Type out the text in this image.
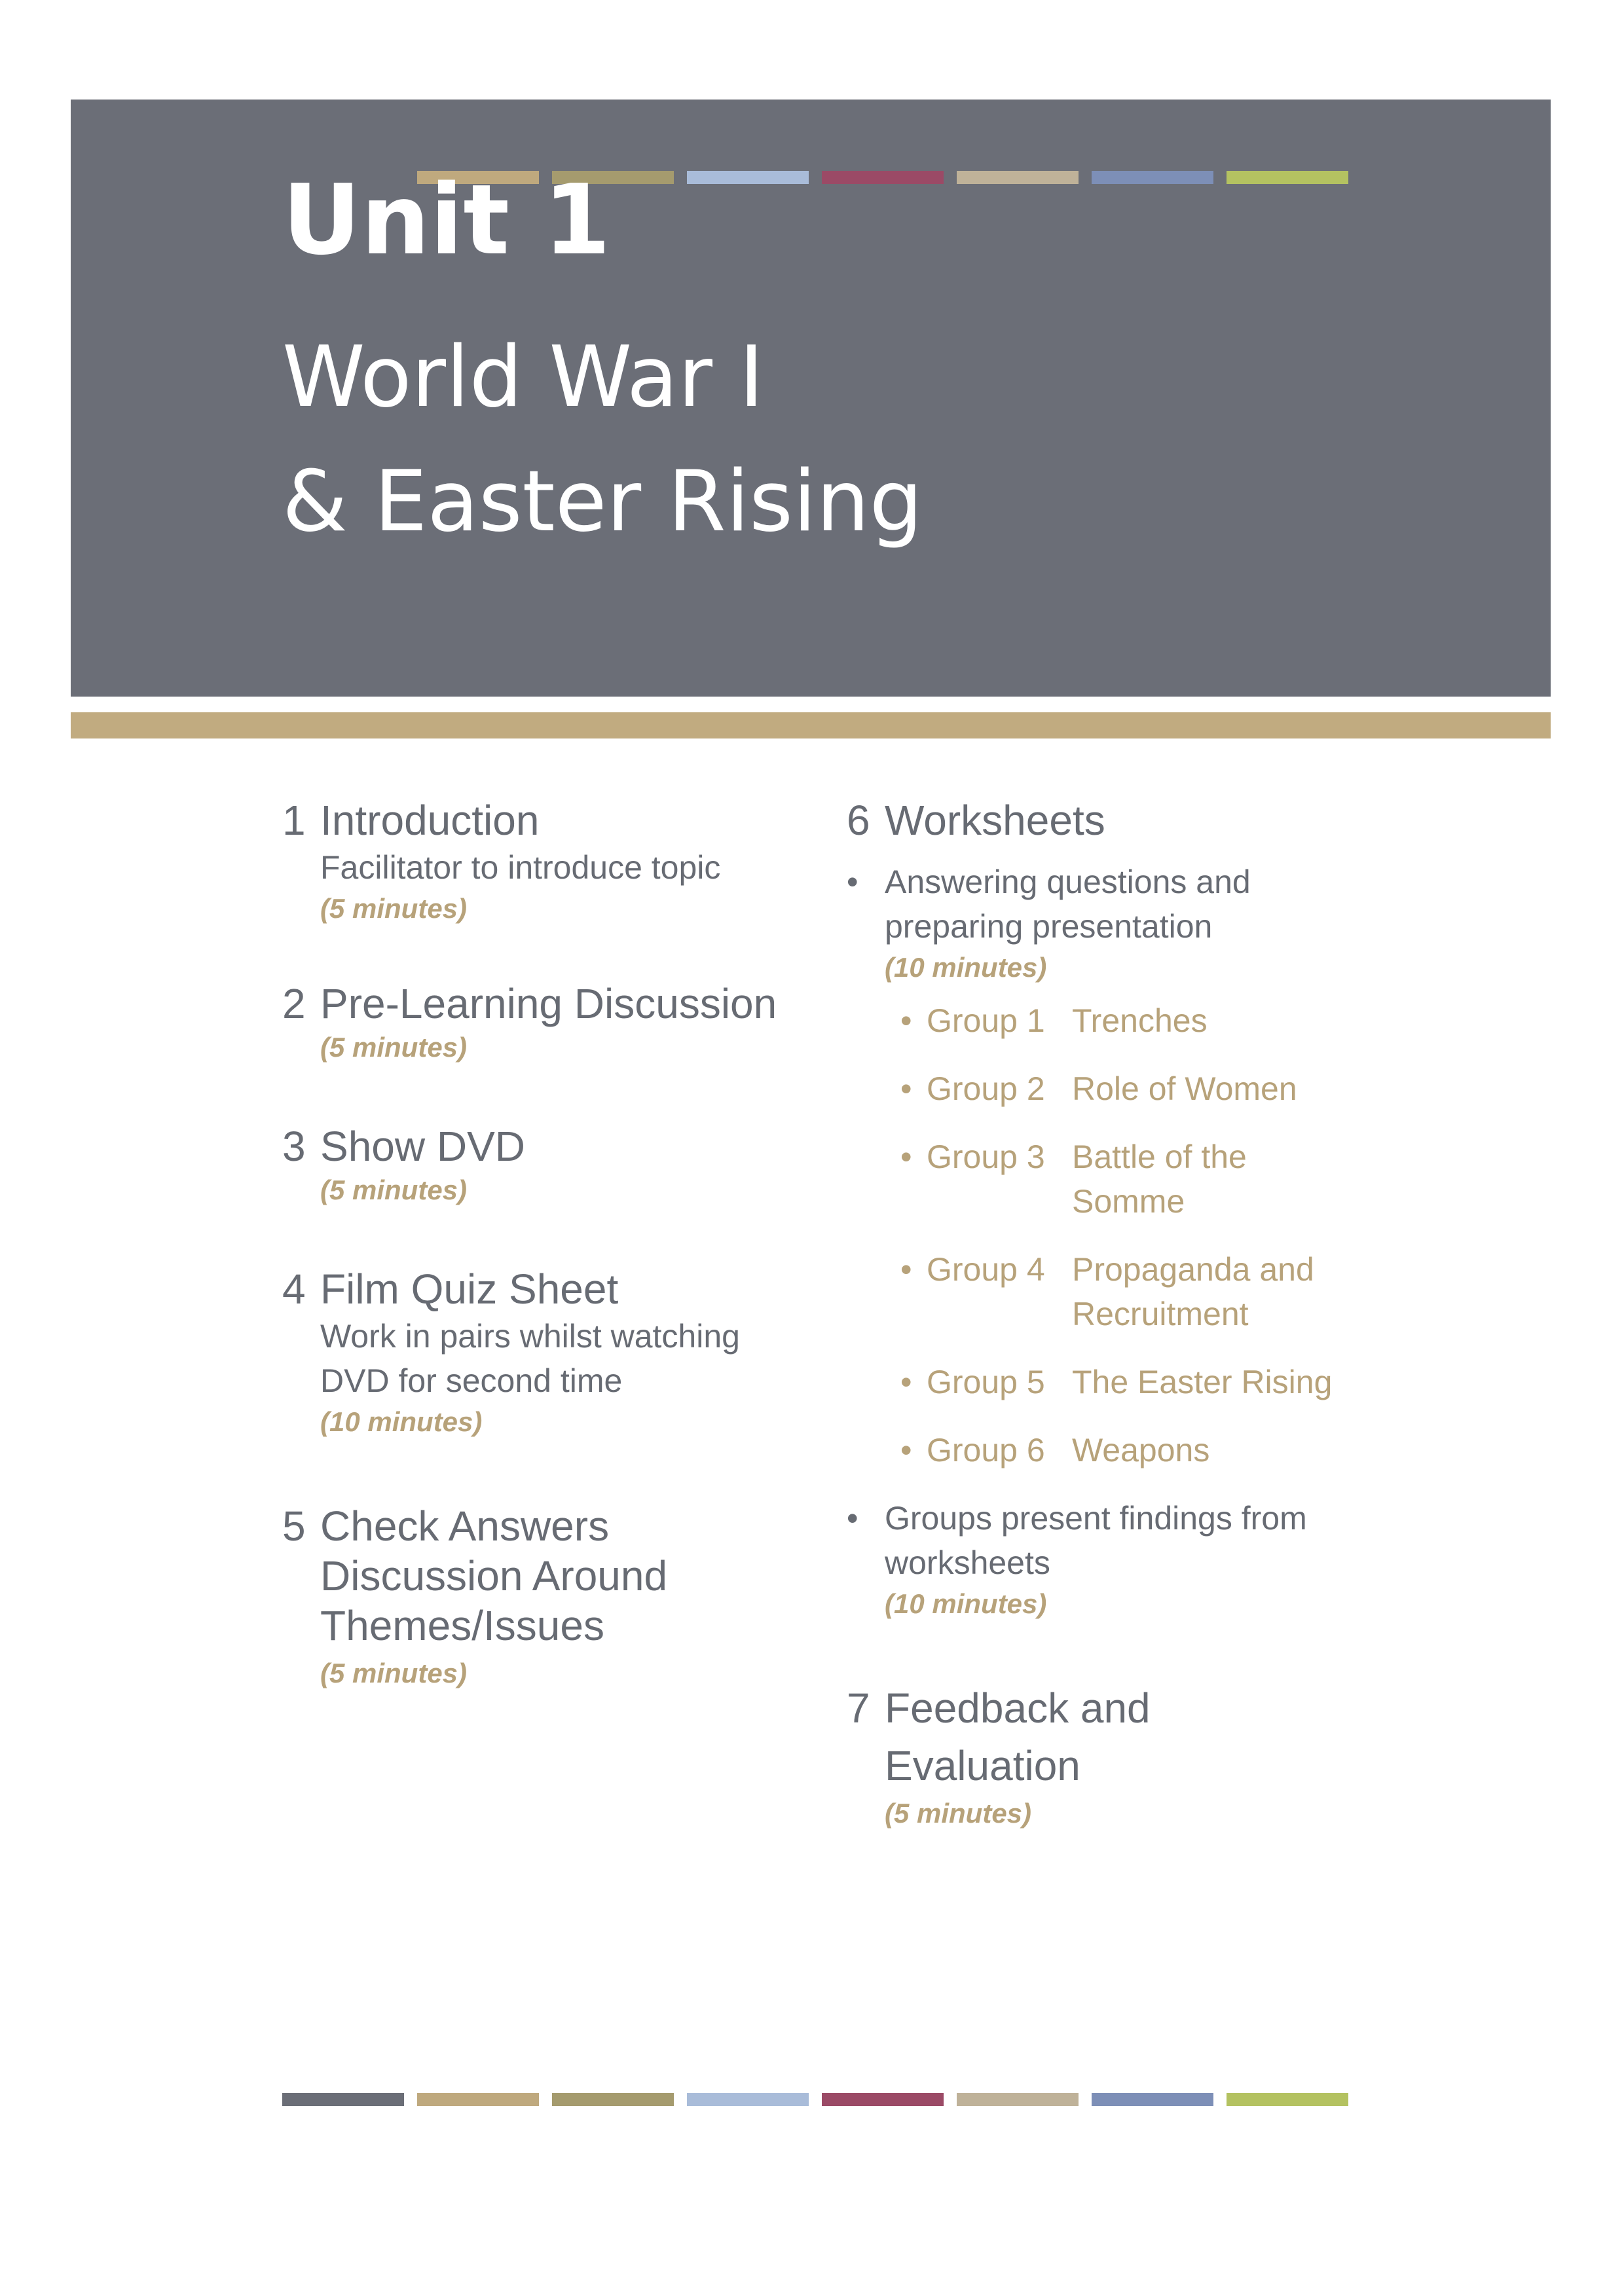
Unit 1
World War I
& Easter Rising
1 Introduction
Facilitator to introduce topic
(5 minutes)
2 Pre-Learning Discussion
(5 minutes)
3 Show DVD
(5 minutes)
4 Film Quiz Sheet
Work in pairs whilst watching
DVD for second time
(10 minutes)
5 Check Answers
Discussion Around
Themes/Issues
(5 minutes)
6 Worksheets
• Answering questions and
preparing presentation
(10 minutes)
• Group 1 Trenches
• Group 2 Role of Women
• Group 3 Battle of the Somme
• Group 4 Propaganda and Recruitment
• Group 5 The Easter Rising
• Group 6 Weapons
• Groups present findings from
worksheets
(10 minutes)
7 Feedback and
Evaluation
(5 minutes)
